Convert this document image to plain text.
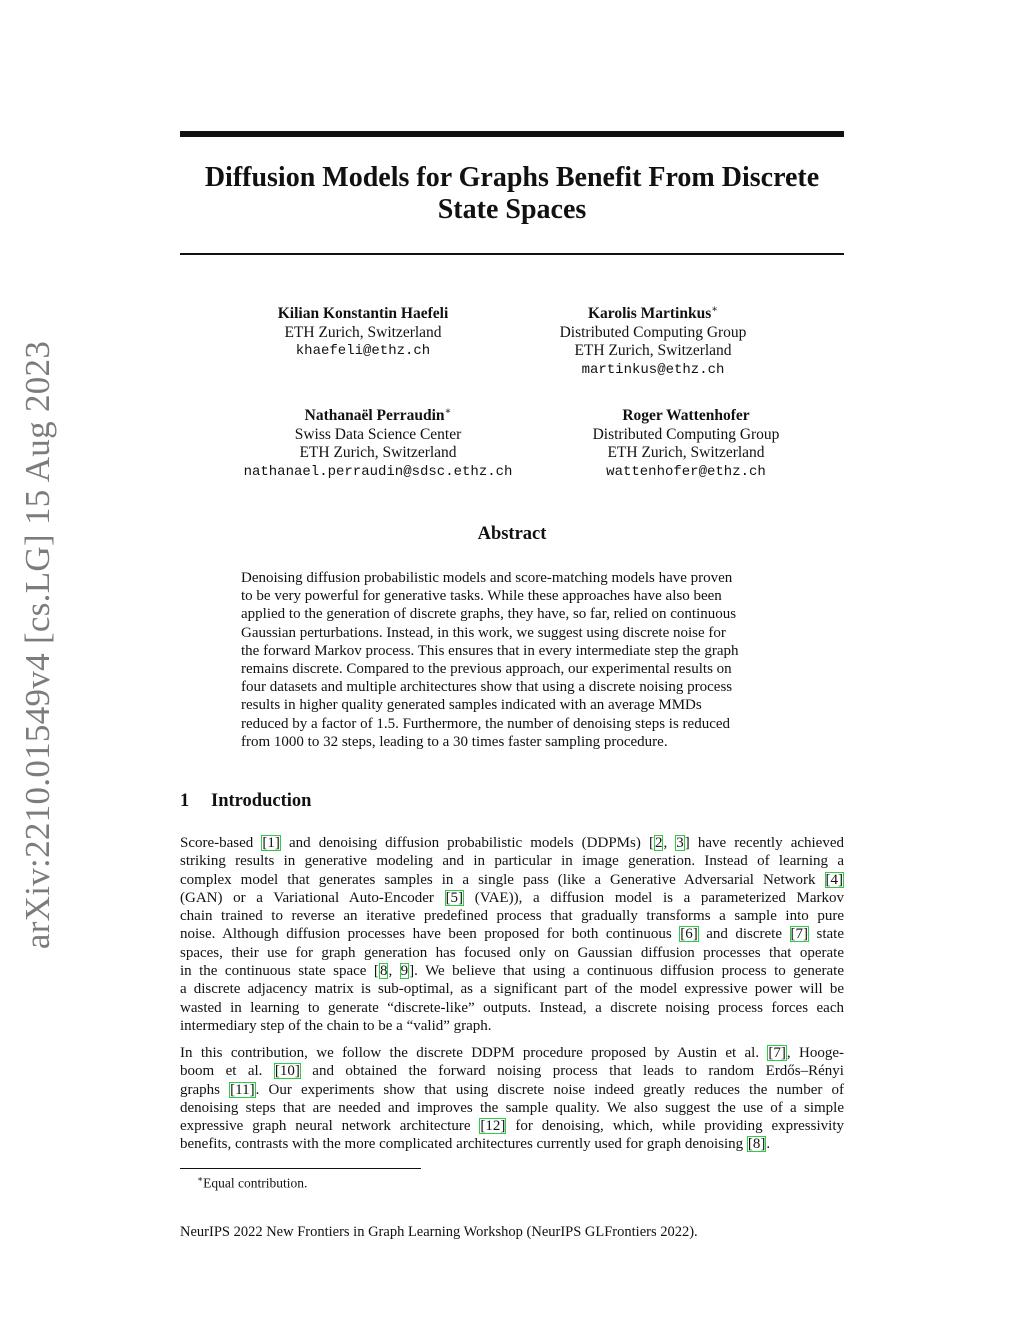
arXiv:2210.01549v4 [cs.LG] 15 Aug 2023
Diffusion Models for Graphs Benefit From Discrete
State Spaces
Kilian Konstantin Haefeli
ETH Zurich, Switzerland
khaefeli@ethz.ch
Karolis Martinkus∗
Distributed Computing Group
ETH Zurich, Switzerland
martinkus@ethz.ch
Nathanaël Perraudin∗
Swiss Data Science Center
ETH Zurich, Switzerland
nathanael.perraudin@sdsc.ethz.ch
Roger Wattenhofer
Distributed Computing Group
ETH Zurich, Switzerland
wattenhofer@ethz.ch
Abstract
Denoising diffusion probabilistic models and score-matching models have proven
to be very powerful for generative tasks. While these approaches have also been
applied to the generation of discrete graphs, they have, so far, relied on continuous
Gaussian perturbations. Instead, in this work, we suggest using discrete noise for
the forward Markov process. This ensures that in every intermediate step the graph
remains discrete. Compared to the previous approach, our experimental results on
four datasets and multiple architectures show that using a discrete noising process
results in higher quality generated samples indicated with an average MMDs
reduced by a factor of 1.5. Furthermore, the number of denoising steps is reduced
from 1000 to 32 steps, leading to a 30 times faster sampling procedure.
1 Introduction
Score-based [1] and denoising diffusion probabilistic models (DDPMs) [2, 3] have recently achieved
striking results in generative modeling and in particular in image generation. Instead of learning a
complex model that generates samples in a single pass (like a Generative Adversarial Network [4]
(GAN) or a Variational Auto-Encoder [5] (VAE)), a diffusion model is a parameterized Markov
chain trained to reverse an iterative predefined process that gradually transforms a sample into pure
noise. Although diffusion processes have been proposed for both continuous [6] and discrete [7] state
spaces, their use for graph generation has focused only on Gaussian diffusion processes that operate
in the continuous state space [8, 9]. We believe that using a continuous diffusion process to generate
a discrete adjacency matrix is sub-optimal, as a significant part of the model expressive power will be
wasted in learning to generate “discrete-like” outputs. Instead, a discrete noising process forces each
intermediary step of the chain to be a “valid” graph.
In this contribution, we follow the discrete DDPM procedure proposed by Austin et al. [7], Hooge-
boom et al. [10] and obtained the forward noising process that leads to random Erdős–Rényi
graphs [11]. Our experiments show that using discrete noise indeed greatly reduces the number of
denoising steps that are needed and improves the sample quality. We also suggest the use of a simple
expressive graph neural network architecture [12] for denoising, which, while providing expressivity
benefits, contrasts with the more complicated architectures currently used for graph denoising [8].
∗Equal contribution.
NeurIPS 2022 New Frontiers in Graph Learning Workshop (NeurIPS GLFrontiers 2022).
